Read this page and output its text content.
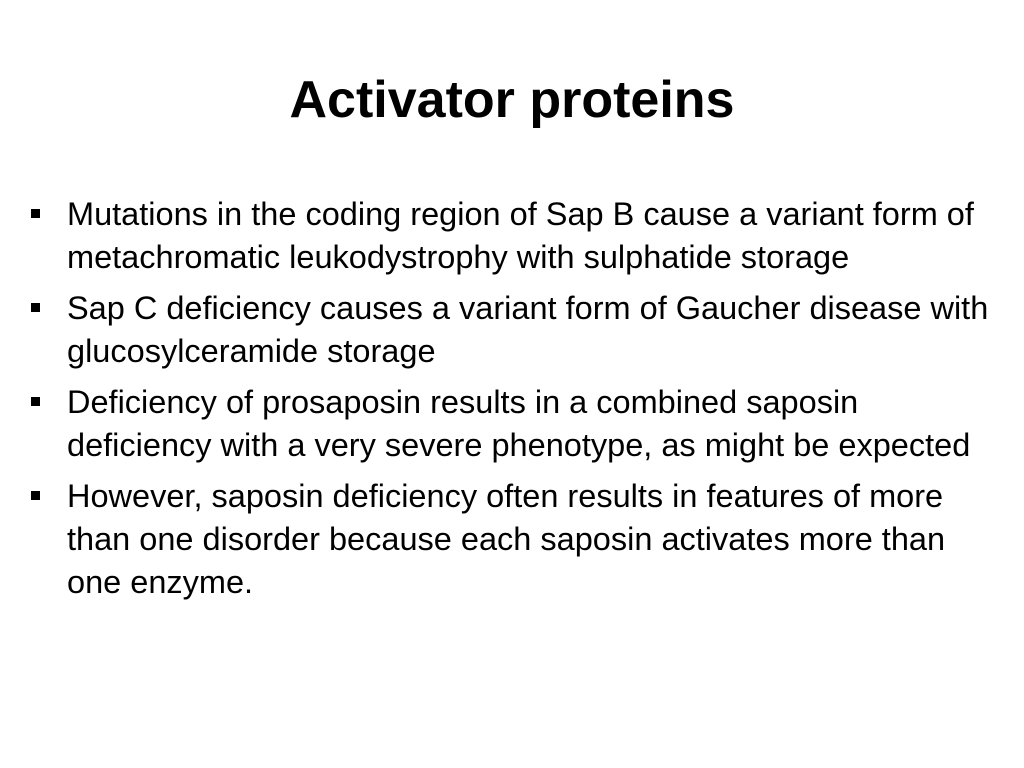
Activator proteins
Mutations in the coding region of Sap B cause a variant form of metachromatic leukodystrophy with sulphatide storage
Sap C deficiency causes a variant form of Gaucher disease with glucosylceramide storage
Deficiency of prosaposin results in a combined saposin deficiency with a very severe phenotype, as might be expected
However, saposin deficiency often results in features of more than one disorder because each saposin activates more than one enzyme.
